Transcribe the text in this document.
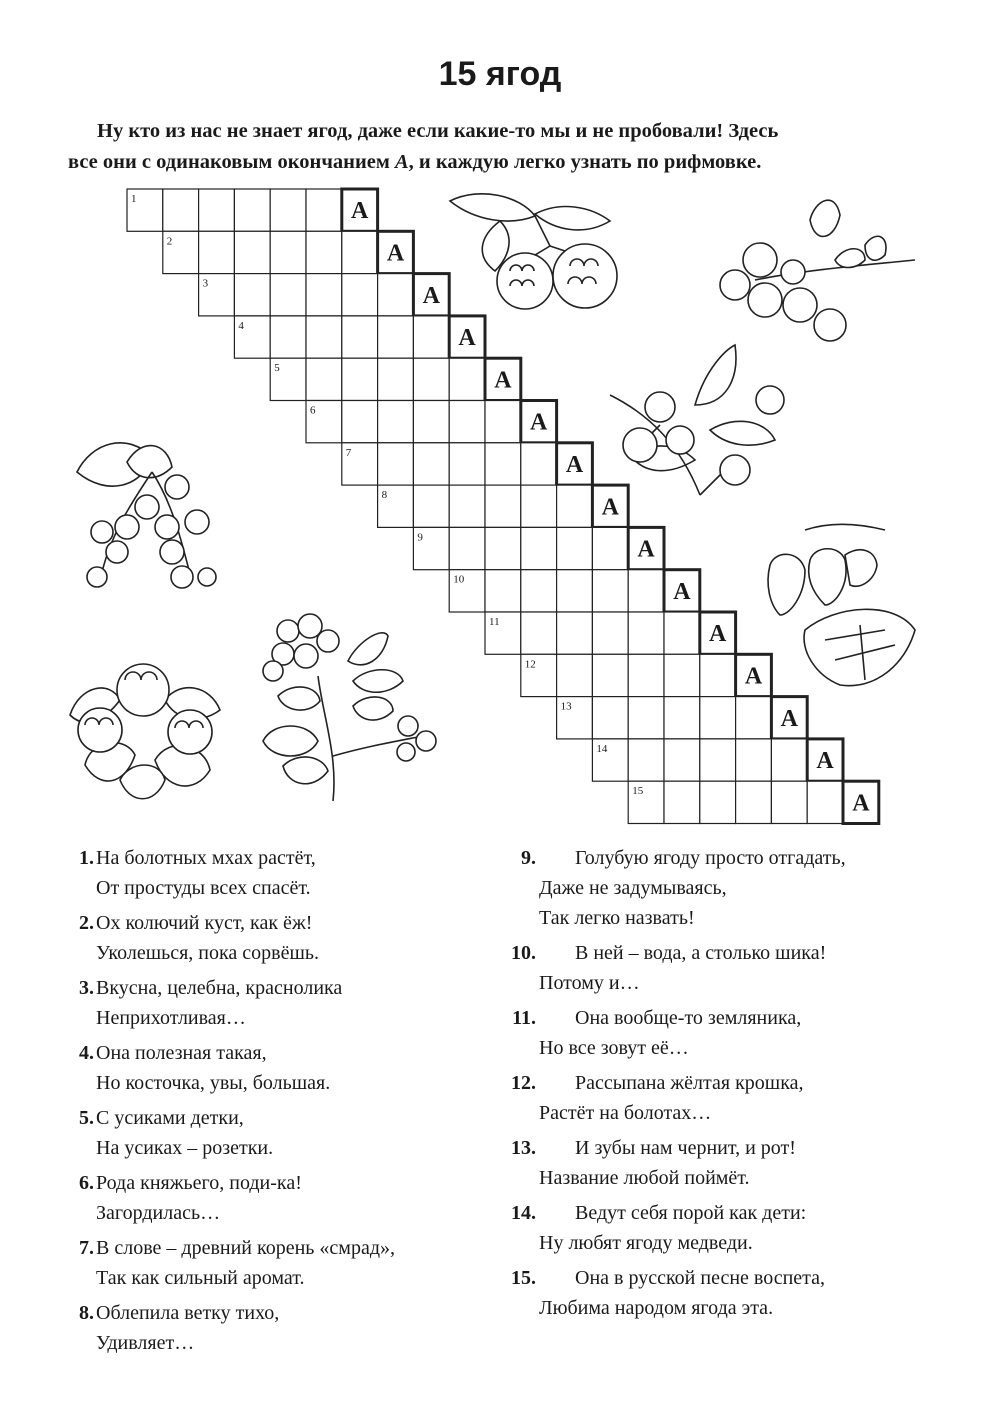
15 ягод

Ну кто из нас не знает ягод, даже если какие-то мы и не пробовали! Здесь

все они с одинаковым окончанием А, и каждую легко узнать по рифмовке.

А
1
А
2
А
3
А
4
А
5
А
6
А
7
А
8
А
9
А
10
А
11
А
12
А
13
А
14
А
15
1. На болотных мхах растёт,
От простуды всех спасёт.
2. Ох колючий куст, как ёж!
Уколешься, пока сорвёшь.
3. Вкусна, целебна, краснолика
Неприхотливая…
4. Она полезная такая,
Но косточка, увы, большая.
5. С усиками детки,
На усиках – розетки.
6. Рода княжьего, поди-ка!
Загордилась…
7. В слове – древний корень «смрад»,
Так как сильный аромат.
8. Облепила ветку тихо,
Удивляет…
9. Голубую ягоду просто отгадать,
Даже не задумываясь,
Так легко назвать!
10. В ней – вода, а столько шика!
Потому и…
11. Она вообще-то земляника,
Но все зовут её…
12. Рассыпана жёлтая крошка,
Растёт на болотах…
13. И зубы нам чернит, и рот!
Название любой поймёт.
14. Ведут себя порой как дети:
Ну любят ягоду медведи.
15. Она в русской песне воспета,
Любима народом ягода эта.
